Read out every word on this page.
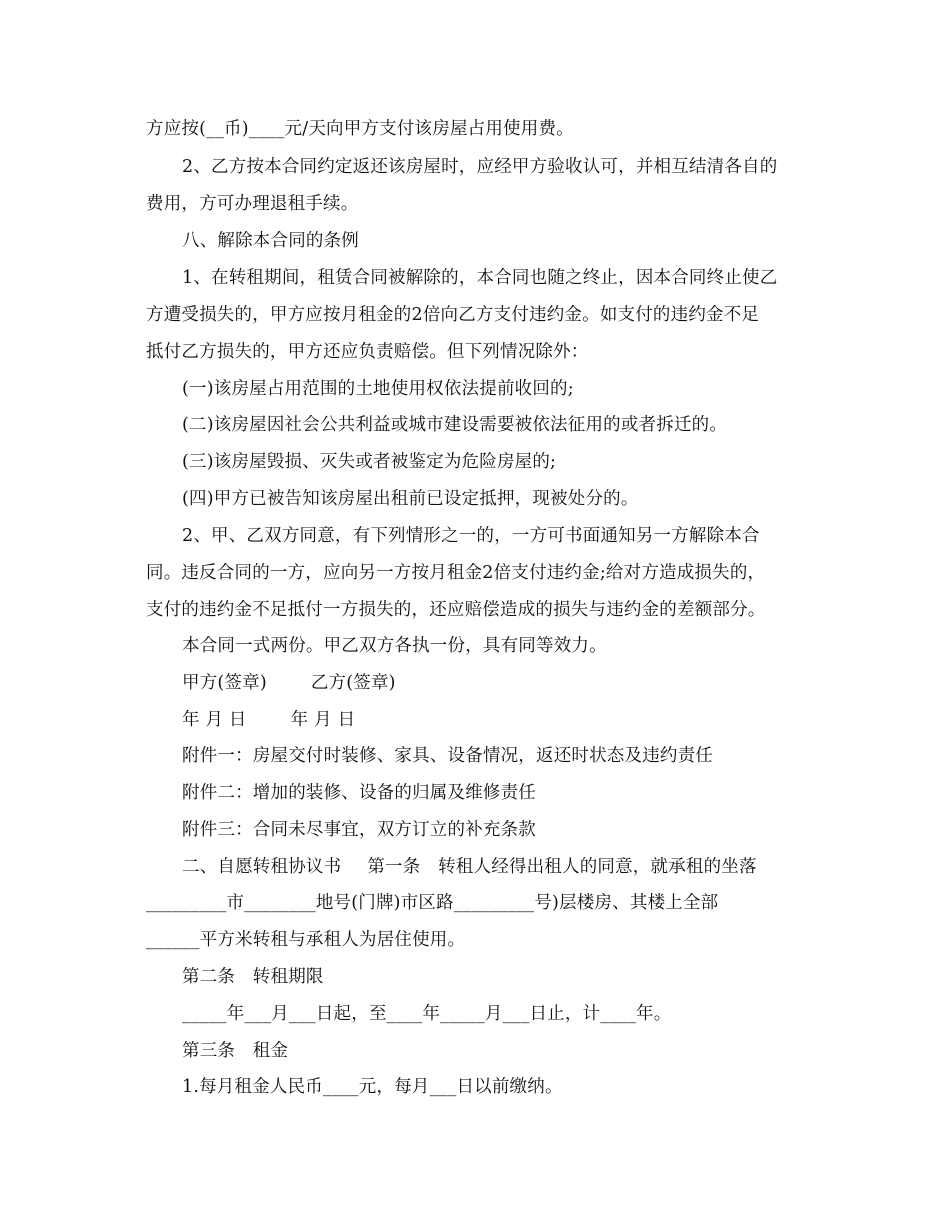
方应按(__币)____元/天向甲方支付该房屋占用使用费。
2、乙方按本合同约定返还该房屋时，应经甲方验收认可，并相互结清各自的
费用，方可办理退租手续。
八、解除本合同的条例
1、在转租期间，租赁合同被解除的，本合同也随之终止，因本合同终止使乙
方遭受损失的，甲方应按月租金的2倍向乙方支付违约金。如支付的违约金不足
抵付乙方损失的，甲方还应负责赔偿。但下列情况除外：
(一)该房屋占用范围的土地使用权依法提前收回的;
(二)该房屋因社会公共利益或城市建设需要被依法征用的或者拆迁的。
(三)该房屋毁损、灭失或者被鉴定为危险房屋的;
(四)甲方已被告知该房屋出租前已设定抵押，现被处分的。
2、甲、乙双方同意，有下列情形之一的，一方可书面通知另一方解除本合
同。违反合同的一方，应向另一方按月租金2倍支付违约金;给对方造成损失的，
支付的违约金不足抵付一方损失的，还应赔偿造成的损失与违约金的差额部分。
本合同一式两份。甲乙双方各执一份，具有同等效力。
甲方(签章)	乙方(签章)
年 月 日	年 月 日
附件一：房屋交付时装修、家具、设备情况，返还时状态及违约责任
附件二：增加的装修、设备的归属及维修责任
附件三：合同未尽事宜，双方订立的补充条款
二、自愿转租协议书 第一条　转租人经得出租人的同意，就承租的坐落
_________市________地号(门牌)市区路_________号)层楼房、其楼上全部
______平方米转租与承租人为居住使用。
第二条　转租期限
_____年___月___日起，至____年_____月___日止，计____年。
第三条　租金
1.每月租金人民币____元，每月___日以前缴纳。
